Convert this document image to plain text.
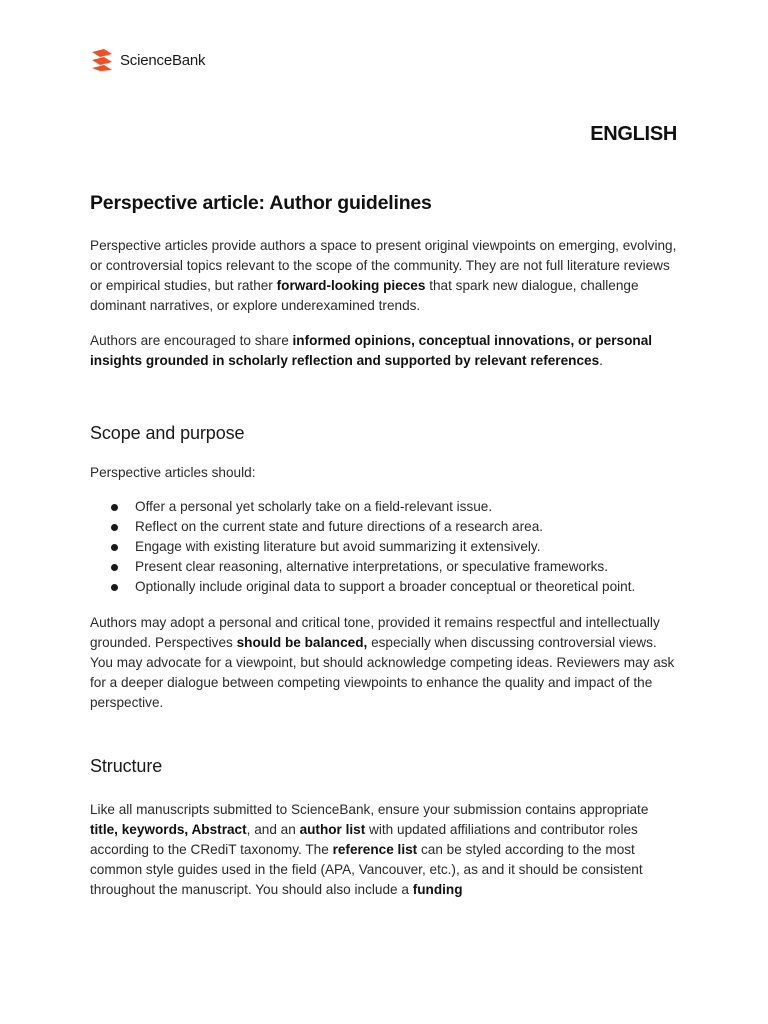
ScienceBank
ENGLISH
Perspective article: Author guidelines

Perspective articles provide authors a space to present original viewpoints on emerging, evolving, or controversial topics relevant to the scope of the community. They are not full literature reviews or empirical studies, but rather forward-looking pieces that spark new dialogue, challenge dominant narratives, or explore underexamined trends.

Authors are encouraged to share informed opinions, conceptual innovations, or personal insights grounded in scholarly reflection and supported by relevant references.

Scope and purpose

Perspective articles should:

Offer a personal yet scholarly take on a field-relevant issue.
Reflect on the current state and future directions of a research area.
Engage with existing literature but avoid summarizing it extensively.
Present clear reasoning, alternative interpretations, or speculative frameworks.
Optionally include original data to support a broader conceptual or theoretical point.

Authors may adopt a personal and critical tone, provided it remains respectful and intellectually grounded. Perspectives should be balanced, especially when discussing controversial views. You may advocate for a viewpoint, but should acknowledge competing ideas. Reviewers may ask for a deeper dialogue between competing viewpoints to enhance the quality and impact of the perspective.

Structure

Like all manuscripts submitted to ScienceBank, ensure your submission contains appropriate title, keywords, Abstract, and an author list with updated affiliations and contributor roles according to the CRediT taxonomy. The reference list can be styled according to the most common style guides used in the field (APA, Vancouver, etc.), as and it should be consistent throughout the manuscript. You should also include a funding
